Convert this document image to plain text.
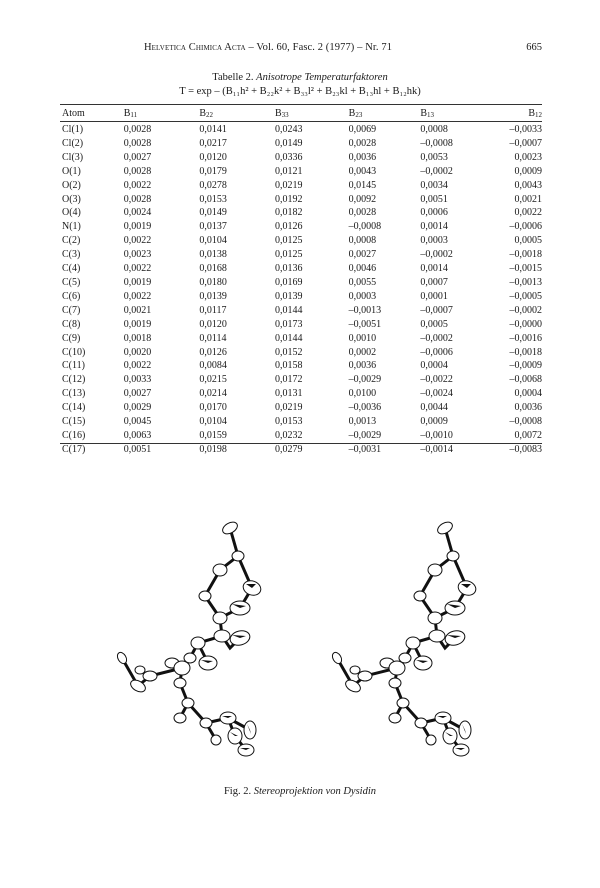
Helvetica Chimica Acta – Vol. 60, Fasc. 2 (1977) – Nr. 71	665
Tabelle 2. Anisotrope Temperaturfaktoren
T = exp – (B₁₁h² + B₂₂k² + B₃₃l² + B₂₃kl + B₁₃hl + B₁₂hk)
Atom	B11	B22	B33	B23	B13	B12
Cl(1)	0,0028	0,0141	0,0243	0,0069	0,0008	–0,0033
Cl(2)	0,0028	0,0217	0,0149	0,0028	–0,0008	–0,0007
Cl(3)	0,0027	0,0120	0,0336	0,0036	0,0053	0,0023
O(1)	0,0028	0,0179	0,0121	0,0043	–0,0002	0,0009
O(2)	0,0022	0,0278	0,0219	0,0145	0,0034	0,0043
O(3)	0,0028	0,0153	0,0192	0,0092	0,0051	0,0021
O(4)	0,0024	0,0149	0,0182	0,0028	0,0006	0,0022
N(1)	0,0019	0,0137	0,0126	–0,0008	0,0014	–0,0006
C(2)	0,0022	0,0104	0,0125	0,0008	0,0003	0,0005
C(3)	0,0023	0,0138	0,0125	0,0027	–0,0002	–0,0018
C(4)	0,0022	0,0168	0,0136	0,0046	0,0014	–0,0015
C(5)	0,0019	0,0180	0,0169	0,0055	0,0007	–0,0013
C(6)	0,0022	0,0139	0,0139	0,0003	0,0001	–0,0005
C(7)	0,0021	0,0117	0,0144	–0,0013	–0,0007	–0,0002
C(8)	0,0019	0,0120	0,0173	–0,0051	0,0005	–0,0000
C(9)	0,0018	0,0114	0,0144	0,0010	–0,0002	–0,0016
C(10)	0,0020	0,0126	0,0152	0,0002	–0,0006	–0,0018
C(11)	0,0022	0,0084	0,0158	0,0036	0,0004	–0,0009
C(12)	0,0033	0,0215	0,0172	–0,0029	–0,0022	–0,0068
C(13)	0,0027	0,0214	0,0131	0,0100	–0,0024	0,0004
C(14)	0,0029	0,0170	0,0219	–0,0036	0,0044	0,0036
C(15)	0,0045	0,0104	0,0153	0,0013	0,0009	–0,0008
C(16)	0,0063	0,0159	0,0232	–0,0029	–0,0010	0,0072
C(17)	0,0051	0,0198	0,0279	–0,0031	–0,0014	–0,0083
Fig. 2. Stereoprojektion von Dysidin
